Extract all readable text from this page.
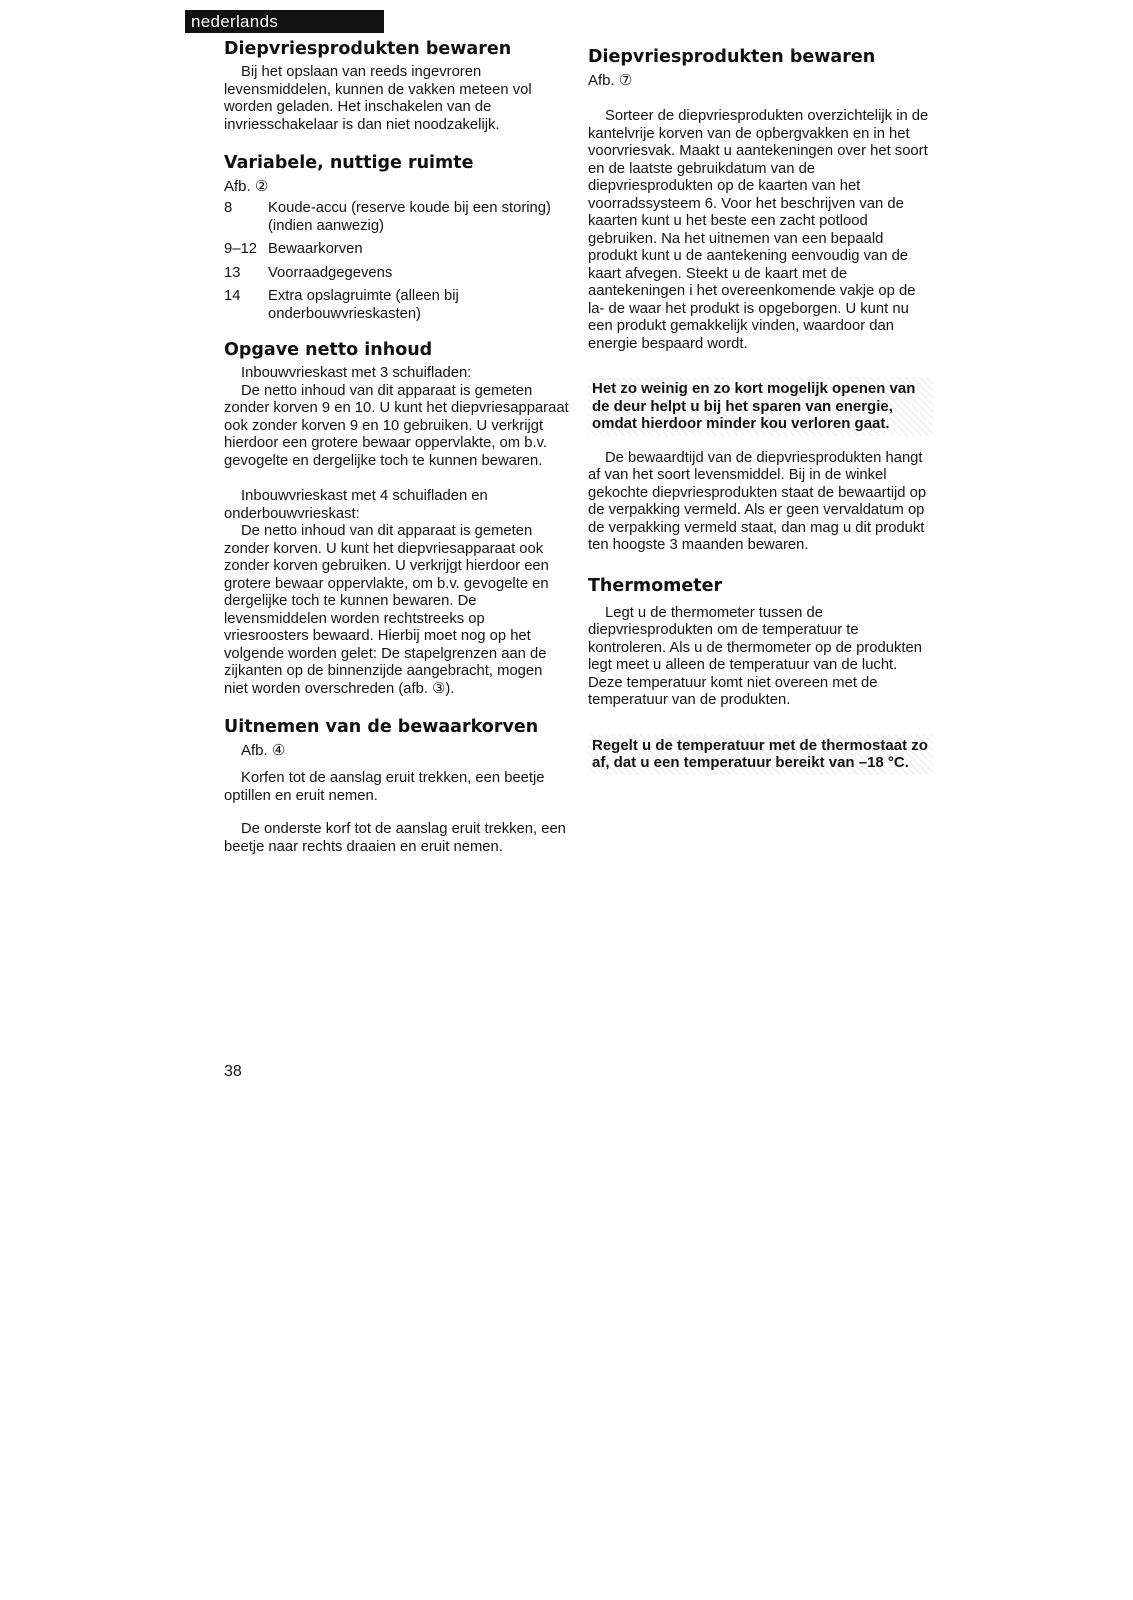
nederlands
Diepvriesprodukten bewaren

Bij het opslaan van reeds ingevroren levensmiddelen, kunnen de vakken meteen vol worden geladen. Het inschakelen van de invriesschakelaar is dan niet noodzakelijk.

Variabele, nuttige ruimte
Afb. ②
8	Koude-accu (reserve koude bij een storing) (indien aanwezig)
9–12 Bewaarkorven
13	Voorraadgegevens
14	Extra opslagruimte (alleen bij onderbouwvrieskasten)
Opgave netto inhoud

Inbouwvrieskast met 3 schuifladen:

De netto inhoud van dit apparaat is gemeten zonder korven 9 en 10. U kunt het diepvriesapparaat ook zonder korven 9 en 10 gebruiken. U verkrijgt hierdoor een grotere bewaar oppervlakte, om b.v. gevogelte en dergelijke toch te kunnen bewaren.

Inbouwvrieskast met 4 schuifladen en onderbouwvrieskast:

De netto inhoud van dit apparaat is gemeten zonder korven. U kunt het diepvriesapparaat ook zonder korven gebruiken. U verkrijgt hierdoor een grotere bewaar oppervlakte, om b.v. gevogelte en dergelijke toch te kunnen bewaren. De levensmiddelen worden rechtstreeks op vriesroosters bewaard. Hierbij moet nog op het volgende worden gelet: De stapelgrenzen aan de zijkanten op de binnenzijde aangebracht, mogen niet worden overschreden (afb. ③).

Uitnemen van de bewaarkorven
Afb. ④

Korfen tot de aanslag eruit trekken, een beetje optillen en eruit nemen.

De onderste korf tot de aanslag eruit trekken, een beetje naar rechts draaien en eruit nemen.

Diepvriesprodukten bewaren
Afb. ⑦

Sorteer de diepvriesprodukten overzichtelijk in de kantelvrije korven van de opbergvakken en in het voorvriesvak. Maakt u aantekeningen over het soort en de laatste gebruikdatum van de diepvriesprodukten op de kaarten van het voorradssysteem 6. Voor het beschrijven van de kaarten kunt u het beste een zacht potlood gebruiken. Na het uitnemen van een bepaald produkt kunt u de aantekening eenvoudig van de kaart afvegen. Steekt u de kaart met de aantekeningen i het overeenkomende vakje op de la- de waar het produkt is opgeborgen. U kunt nu een produkt gemakkelijk vinden, waardoor dan energie bespaard wordt.

Het zo weinig en zo kort mogelijk openen van de deur helpt u bij het sparen van energie, omdat hierdoor minder kou verloren gaat.

De bewaardtijd van de diepvriesprodukten hangt af van het soort levensmiddel. Bij in de winkel gekochte diepvriesprodukten staat de bewaartijd op de verpakking vermeld. Als er geen vervaldatum op de verpakking vermeld staat, dan mag u dit produkt ten hoogste 3 maanden bewaren.

Thermometer

Legt u de thermometer tussen de diepvriesprodukten om de temperatuur te kontroleren. Als u de thermometer op de produkten legt meet u alleen de temperatuur van de lucht. Deze temperatuur komt niet overeen met de temperatuur van de produkten.

Regelt u de temperatuur met de thermostaat zo af, dat u een temperatuur bereikt van –18 °C.

38
